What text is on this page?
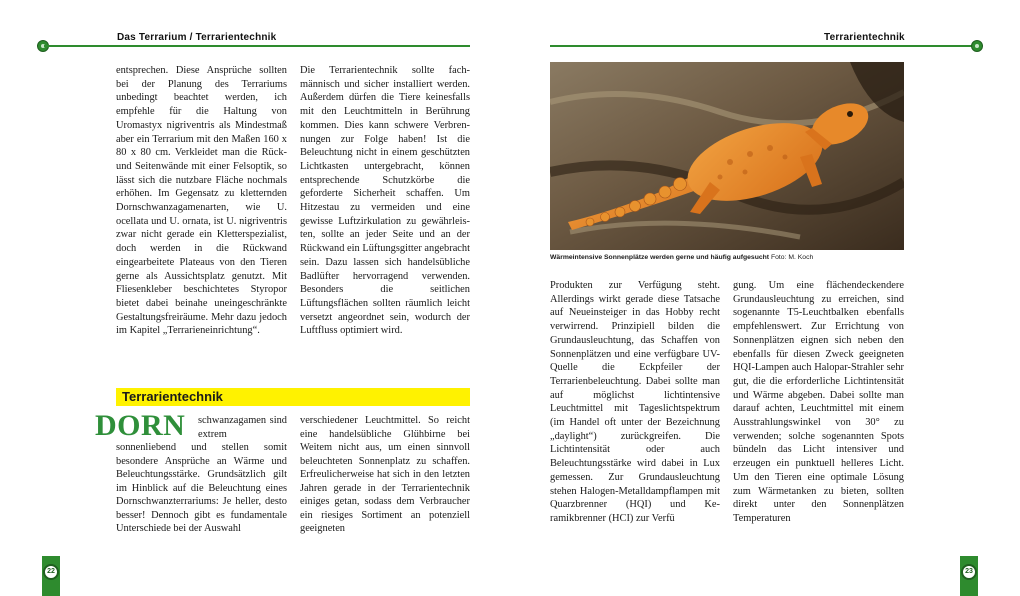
Das Terrarium / Terrarientechnik

entsprechen. Diese Ansprüche sollten bei der Planung des Terrariums unbedingt beachtet werden, ich empfehle für die Haltung von Uromastyx nigriventris als Mindestmaß aber ein Terrarium mit den Maßen 160 x 80 x 80 cm. Verkleidet man die Rück- und Seitenwände mit einer Felsoptik, so lässt sich die nutzbare Fläche nochmals erhöhen. Im Gegensatz zu kletternden Dornschwanzagamenarten, wie U. ocellata und U. ornata, ist U. nigriventris zwar nicht gerade ein Kletterspezialist, doch werden in die Rückwand eingearbeitete Plateaus von den Tieren gerne als Aussichtsplatz genutzt. Mit Fliesenkleber beschichtetes Styropor bietet dabei beinahe uneingeschränkte Gestaltungsfreiräume. Mehr dazu jedoch im Kapitel „Terrarieneinrichtung“.

Die Terrarientechnik sollte fachmännisch und sicher installiert werden. Außerdem dürfen die Tiere keinesfalls mit den Leuchtmitteln in Berührung kommen. Dies kann schwere Verbrennungen zur Folge haben! Ist die Beleuchtung nicht in einem geschützten Lichtkasten untergebracht, können entsprechende Schutzkörbe die geforderte Sicherheit schaffen. Um Hitzestau zu vermeiden und eine gewisse Luftzirkulation zu gewährleisten, sollte an jeder Seite und an der Rückwand ein Lüftungsgitter angebracht sein. Dazu lassen sich handelsübliche Badlüfter hervorragend verwenden. Besonders die seitlichen Lüftungsflächen sollten räumlich leicht versetzt angeordnet sein, wodurch der Luftfluss optimiert wird.

Terrarientechnik
DORN schwanzagamen sind extrem

sonnenliebend und stellen somit besondere Ansprüche an Wärme und Beleuchtungsstärke. Grundsätzlich gilt im Hinblick auf die Beleuchtung eines Dornschwanzterrariums: Je heller, desto besser! Dennoch gibt es fundamentale Unterschiede bei der Auswahl

verschiedener Leuchtmittel. So reicht eine handelsübliche Glühbirne bei Weitem nicht aus, um einen sinnvoll beleuchteten Sonnenplatz zu schaffen. Erfreulicherweise hat sich in den letzten Jahren gerade in der Terrarientechnik einiges getan, sodass dem Verbraucher ein riesiges Sortiment an potenziell geeigneten

22
Terrarientechnik
Wärmeintensive Sonnenplätze werden gerne und häufig aufgesucht Foto: M. Koch

Produkten zur Verfügung steht. Allerdings wirkt gerade diese Tatsache auf Neueinsteiger in das Hobby recht verwirrend. Prinzipiell bilden die Grundausleuchtung, das Schaffen von Sonnenplätzen und eine verfügbare UV-Quelle die Eckpfeiler der Terrarienbeleuchtung. Dabei sollte man auf möglichst lichtintensive Leuchtmittel mit Tageslichtspektrum (im Handel oft unter der Bezeichnung „daylight“) zurückgreifen. Die Lichtintensität oder auch Beleuchtungsstärke wird dabei in Lux gemessen. Zur Grundausleuchtung stehen Halogen-Metalldampflampen mit Quarzbrenner (HQI) und Keramikbrenner (HCI) zur Verfü

gung. Um eine flächendeckendere Grundausleuchtung zu erreichen, sind sogenannte T5-Leuchtbalken ebenfalls empfehlenswert. Zur Errichtung von Sonnenplätzen eignen sich neben den ebenfalls für diesen Zweck geeigneten HQI-Lampen auch Halopar-Strahler sehr gut, die die erforderliche Lichtintensität und Wärme abgeben. Dabei sollte man darauf achten, Leuchtmittel mit einem Ausstrahlungswinkel von 30° zu verwenden; solche sogenannten Spots bündeln das Licht intensiver und erzeugen ein punktuell helleres Licht. Um den Tieren eine optimale Lösung zum Wärmetanken zu bieten, sollten direkt unter den Sonnenplätzen Temperaturen

23
